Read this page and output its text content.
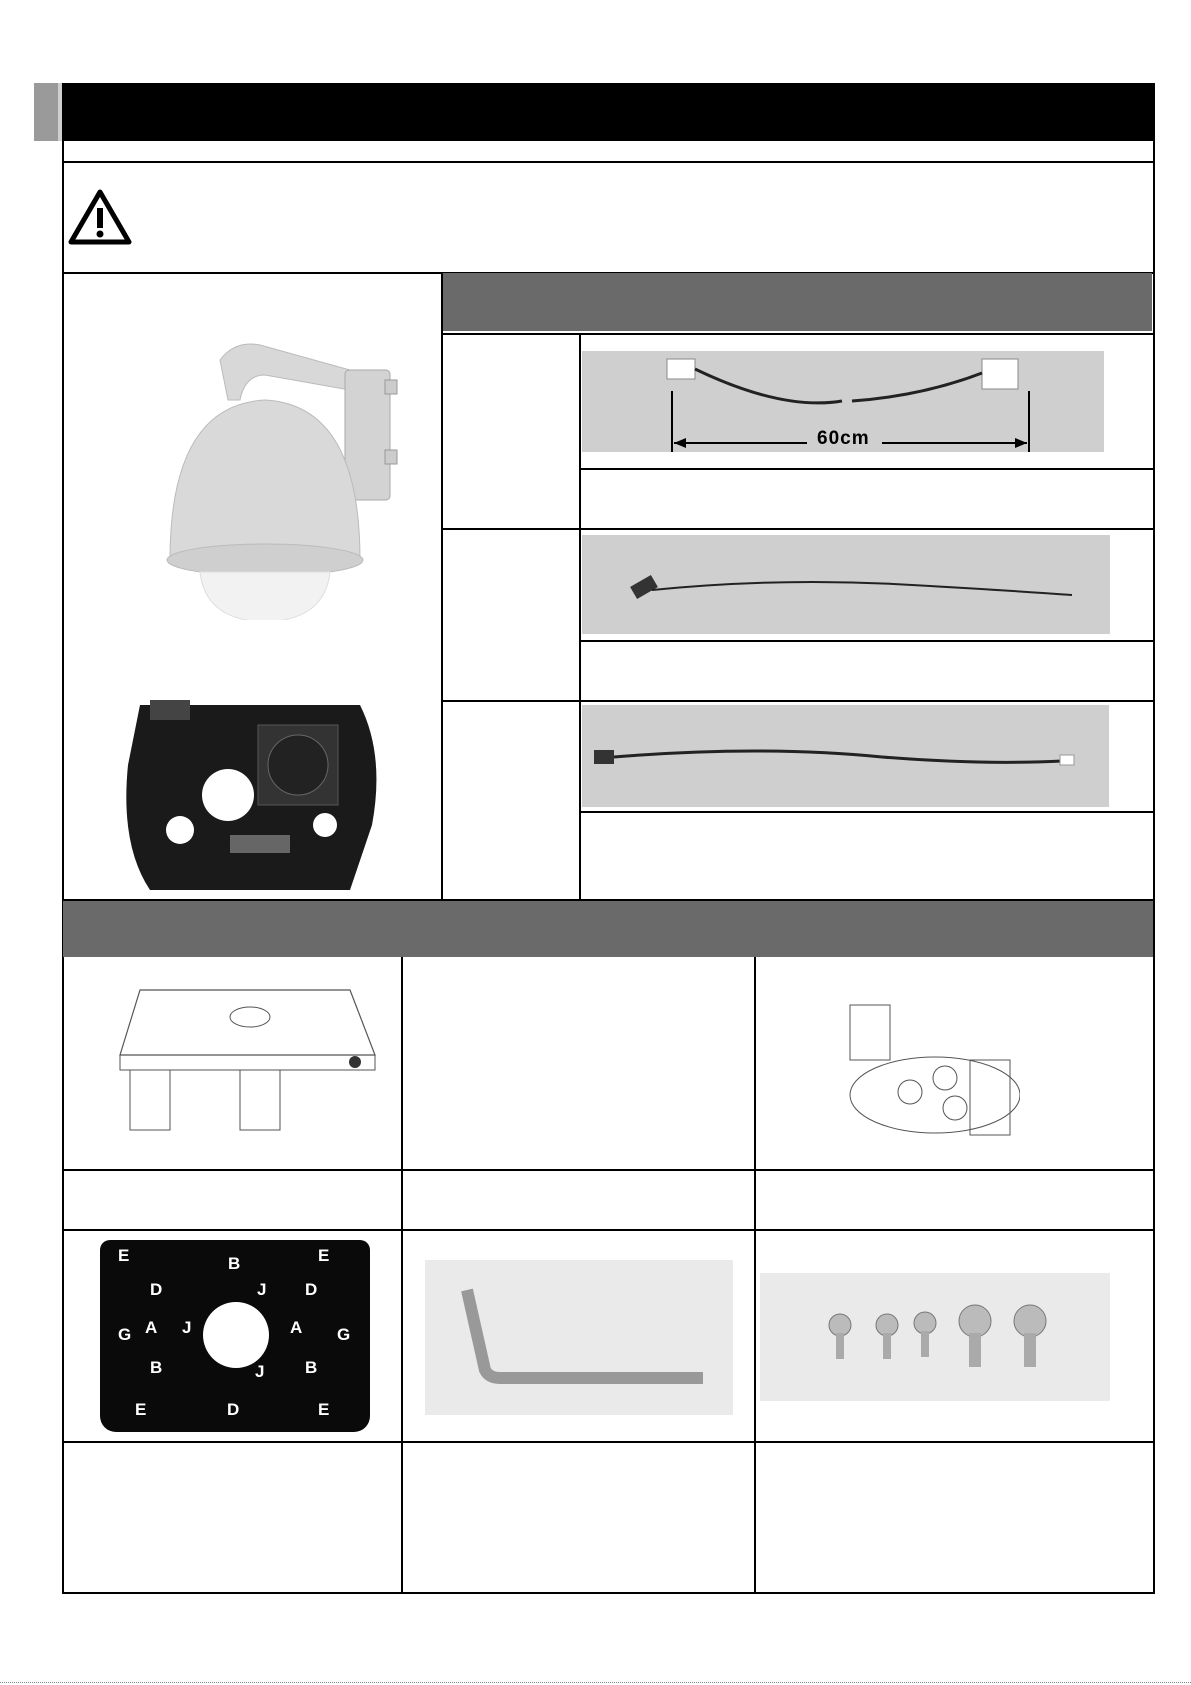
60cm
E	B	E
D	J D
G A J	A G
B	J B
E	D	E
